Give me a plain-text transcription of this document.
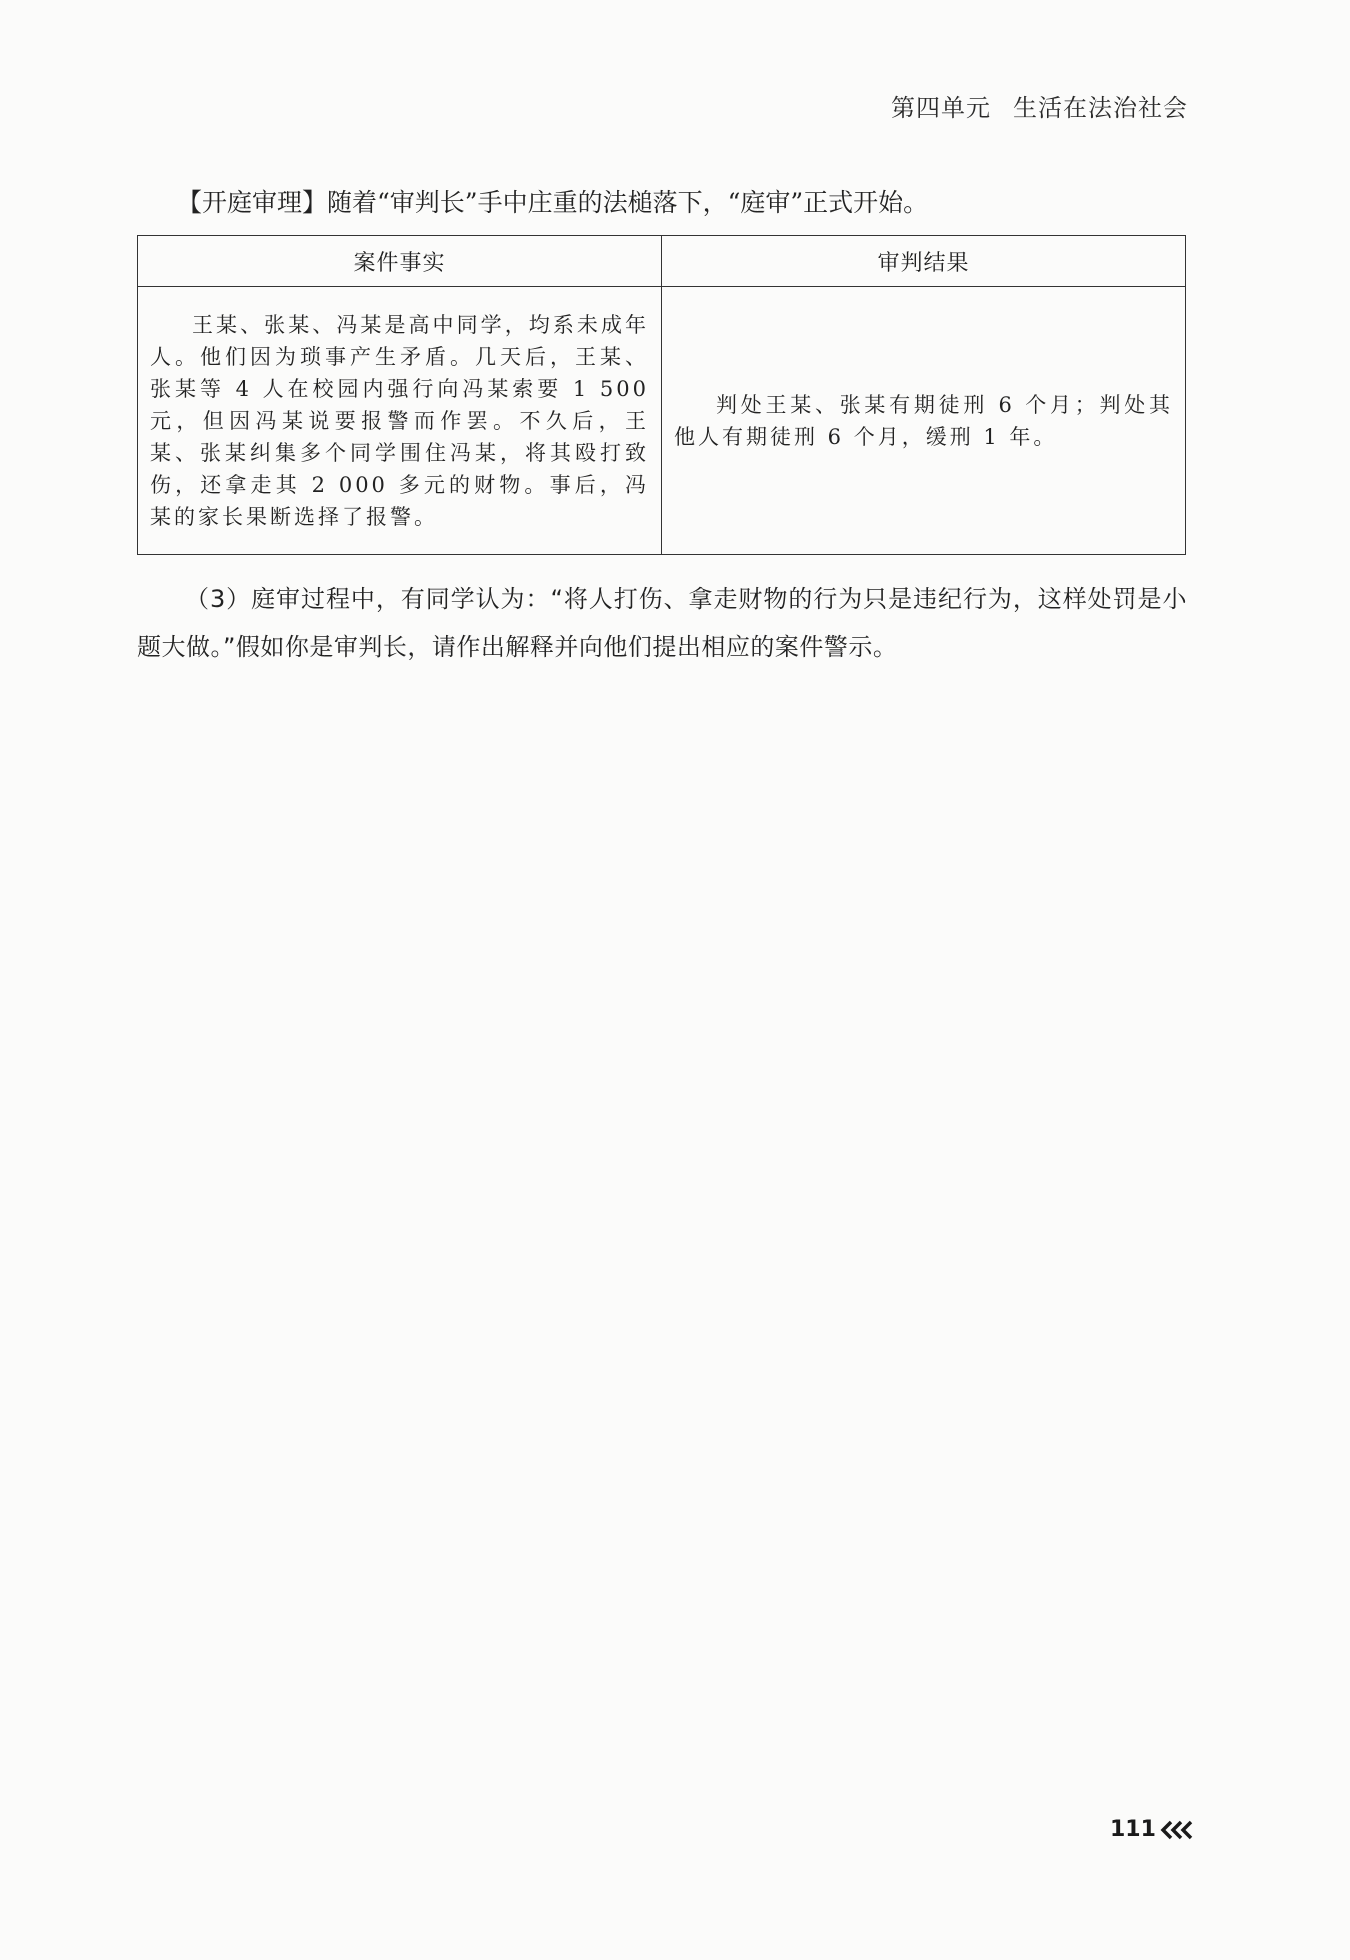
第四单元 生活在法治社会
【开庭审理】随着“审判长”手中庄重的法槌落下，“庭审”正式开始。
案件事实	审判结果

王某、张某、冯某是高中同学，均系未成年人。他们因为琐事产生矛盾。几天后，王某、张某等 4 人在校园内强行向冯某索要 1 500 元，但因冯某说要报警而作罢。不久后，王某、张某纠集多个同学围住冯某，将其殴打致伤，还拿走其 2 000 多元的财物。事后，冯某的家长果断选择了报警。	判处王某、张某有期徒刑 6 个月；判处其他人有期徒刑 6 个月，缓刑 1 年。
（3）庭审过程中，有同学认为：“将人打伤、拿走财物的行为只是违纪行为，这样处罚是小题大做。”假如你是审判长，请作出解释并向他们提出相应的案件警示。
111
